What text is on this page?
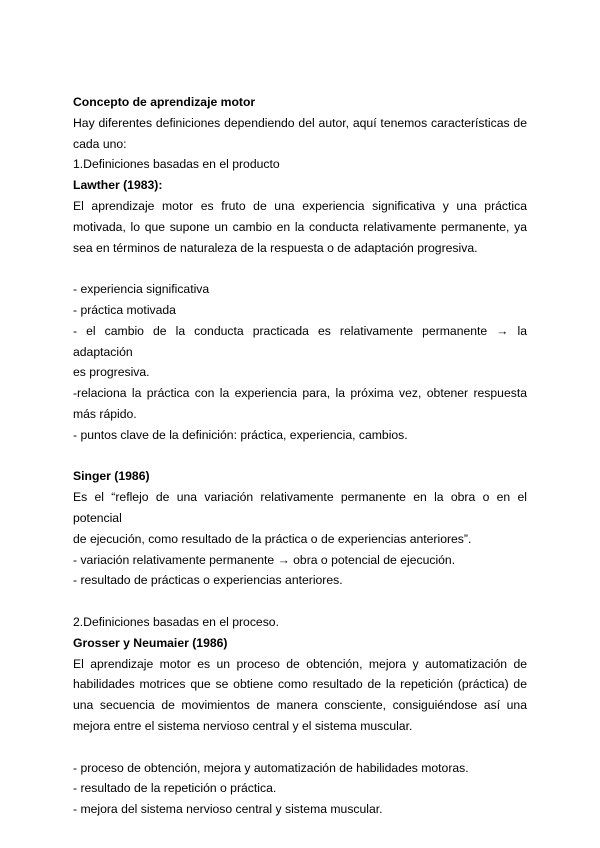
Concepto de aprendizaje motor
Hay diferentes definiciones dependiendo del autor, aquí tenemos características de
cada uno:
1.Definiciones basadas en el producto
Lawther (1983):
El aprendizaje motor es fruto de una experiencia significativa y una práctica
motivada, lo que supone un cambio en la conducta relativamente permanente, ya
sea en términos de naturaleza de la respuesta o de adaptación progresiva.
- experiencia significativa
- práctica motivada
- el cambio de la conducta practicada es relativamente permanente → la adaptación
es progresiva.
-relaciona la práctica con la experiencia para, la próxima vez, obtener respuesta
más rápido.
- puntos clave de la definición: práctica, experiencia, cambios.
Singer (1986)
Es el “reflejo de una variación relativamente permanente en la obra o en el potencial
de ejecución, como resultado de la práctica o de experiencias anteriores”.
- variación relativamente permanente → obra o potencial de ejecución.
- resultado de prácticas o experiencias anteriores.
2.Definiciones basadas en el proceso.
Grosser y Neumaier (1986)
El aprendizaje motor es un proceso de obtención, mejora y automatización de
habilidades motrices que se obtiene como resultado de la repetición (práctica) de
una secuencia de movimientos de manera consciente, consiguiéndose así una
mejora entre el sistema nervioso central y el sistema muscular.
- proceso de obtención, mejora y automatización de habilidades motoras.
- resultado de la repetición o práctica.
- mejora del sistema nervioso central y sistema muscular.
